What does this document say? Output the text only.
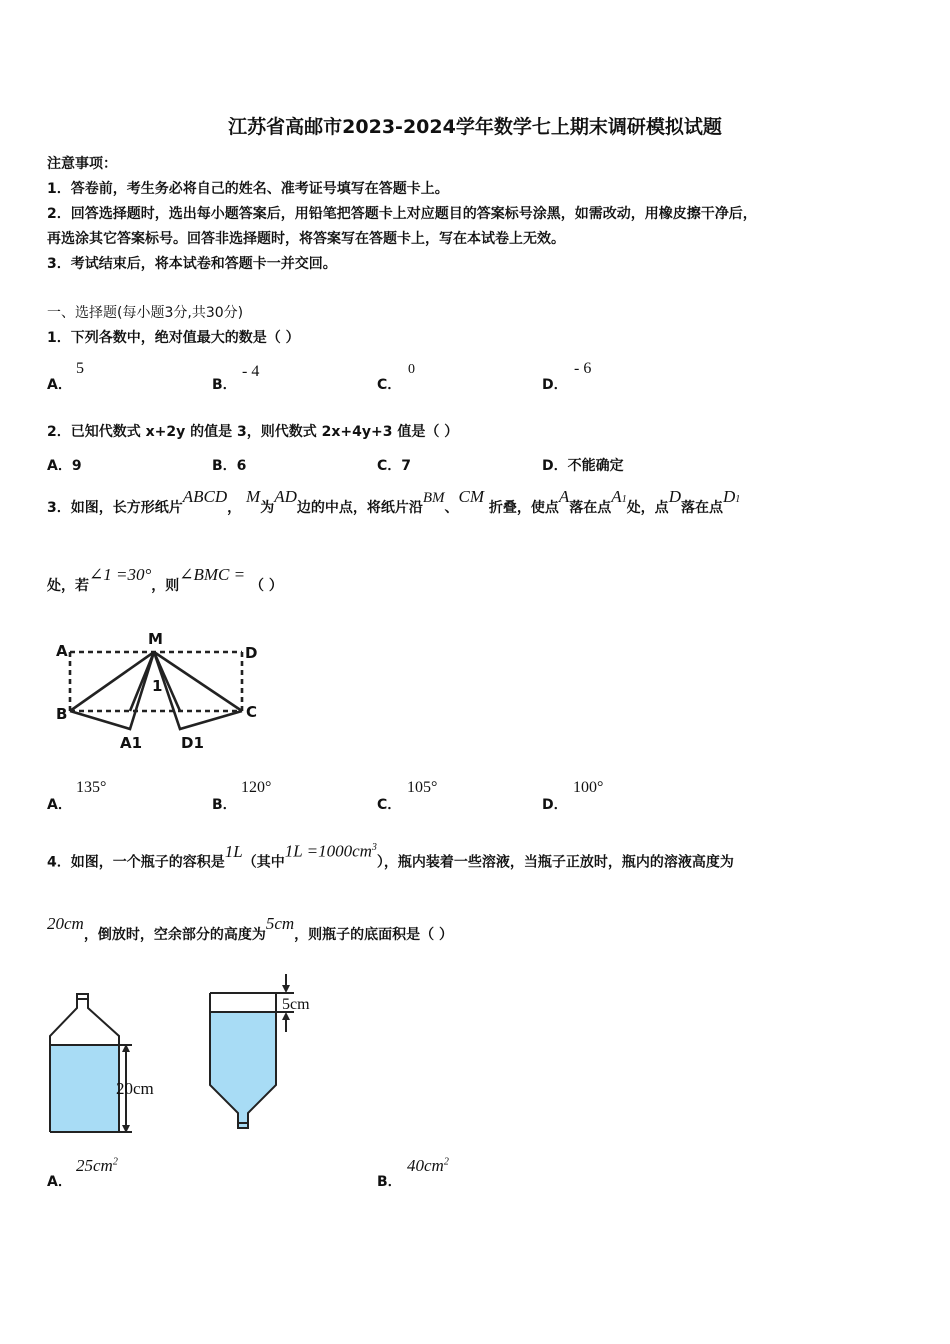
江苏省高邮市2023-2024学年数学七上期末调研模拟试题
注意事项：
1．答卷前，考生务必将自己的姓名、准考证号填写在答题卡上。
2．回答选择题时，选出每小题答案后，用铅笔把答题卡上对应题目的答案标号涂黑，如需改动，用橡皮擦干净后，
再选涂其它答案标号。回答非选择题时，将答案写在答题卡上，写在本试卷上无效。
3．考试结束后，将本试卷和答题卡一并交回。
一、选择题(每小题3分,共30分)
1．下列各数中，绝对值最大的数是（ ）
A．
5
B．
- 4
C．
0
D．
- 6
2．已知代数式 x+2y 的值是 3，则代数式 2x+4y+3 值是（ ）
A．9	B．6	C．7	D．不能确定
3．如图，长方形纸片ABCD， M为AD边的中点，将纸片沿BM、CM 折叠，使点A落在点A1处，点D落在点D1
处，若∠1 =30°，则∠BMC = （ ）
A
M
D
B	C
A1	D1
1
A．
135°
B．
120°
C．
105°
D．
100°
4．如图，一个瓶子的容积是1L（其中$1L =1000cm^3$），瓶内装着一些溶液，当瓶子正放时，瓶内的溶液高度为
20cm，倒放时，空余部分的高度为5cm，则瓶子的底面积是（ ）
20cm
5cm
A．
$25cm^2$
B．
$40cm^2$
